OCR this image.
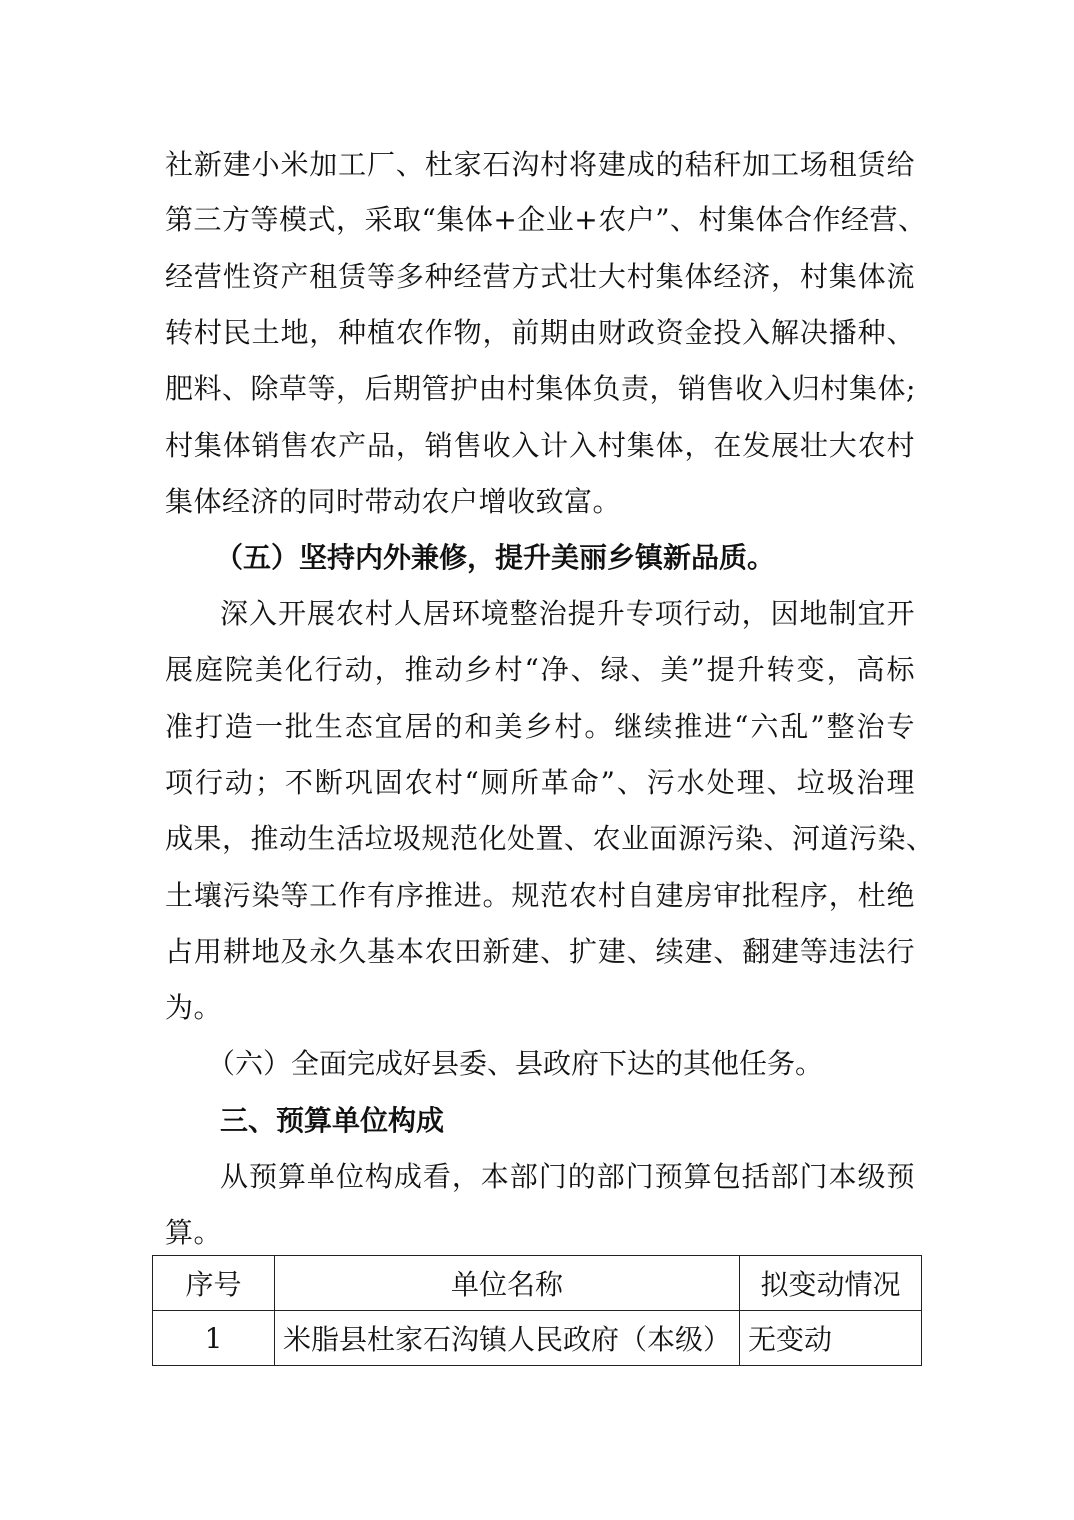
社新建小米加工厂、杜家石沟村将建成的秸秆加工场租赁给
第三方等模式，采取“集体+企业+农户”、村集体合作经营、
经营性资产租赁等多种经营方式壮大村集体经济，村集体流
转村民土地，种植农作物，前期由财政资金投入解决播种、
肥料、除草等，后期管护由村集体负责，销售收入归村集体;
村集体销售农产品，销售收入计入村集体，在发展壮大农村
集体经济的同时带动农户增收致富。
（五）坚持内外兼修，提升美丽乡镇新品质。
深入开展农村人居环境整治提升专项行动，因地制宜开
展庭院美化行动，推动乡村“净、绿、美”提升转变，高标
准打造一批生态宜居的和美乡村。继续推进“六乱”整治专
项行动；不断巩固农村“厕所革命”、污水处理、垃圾治理
成果，推动生活垃圾规范化处置、农业面源污染、河道污染、
土壤污染等工作有序推进。规范农村自建房审批程序，杜绝
占用耕地及永久基本农田新建、扩建、续建、翻建等违法行
为。
（六）全面完成好县委、县政府下达的其他任务。
三、预算单位构成
从预算单位构成看，本部门的部门预算包括部门本级预
算。
序号	单位名称	拟变动情况
1	米脂县杜家石沟镇人民政府（本级）	无变动
